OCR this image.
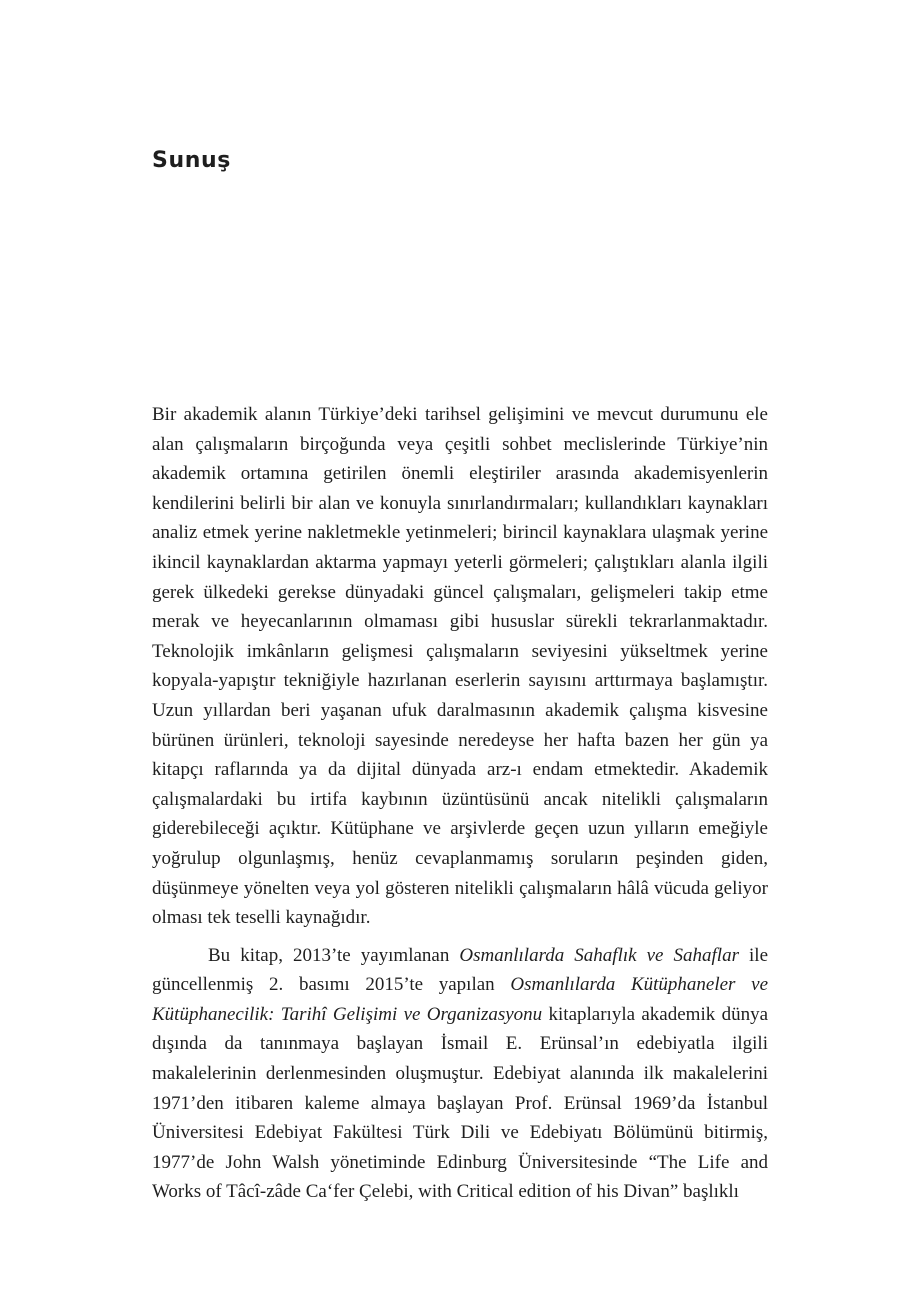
Sunuş

Bir akademik alanın Türkiye’deki tarihsel gelişimini ve mevcut durumunu ele alan çalışmaların birçoğunda veya çeşitli sohbet meclislerinde Türkiye’nin akademik ortamına getirilen önemli eleştiriler arasında akademisyenlerin kendilerini belirli bir alan ve konuyla sınırlandırmaları; kullandıkları kaynakları analiz etmek yerine nakletmekle yetinmeleri; birincil kaynaklara ulaşmak yerine ikincil kaynaklardan aktarma yapmayı yeterli görmeleri; çalıştıkları alanla ilgili gerek ülkedeki gerekse dünyadaki güncel çalışmaları, gelişmeleri takip etme merak ve heyecanlarının olmaması gibi hususlar sürekli tekrarlanmaktadır. Teknolojik imkânların gelişmesi çalışmaların seviyesini yükseltmek yerine kopyala-yapıştır tekniğiyle hazırlanan eserlerin sayısını arttırmaya başlamıştır. Uzun yıllardan beri yaşanan ufuk daralmasının akademik çalışma kisvesine bürünen ürünleri, teknoloji sayesinde neredeyse her hafta bazen her gün ya kitapçı raflarında ya da dijital dünyada arz-ı endam etmektedir. Akademik çalışmalardaki bu irtifa kaybının üzüntüsünü ancak nitelikli çalışmaların giderebileceği açıktır. Kütüphane ve arşivlerde geçen uzun yılların emeğiyle yoğrulup olgunlaşmış, henüz cevaplanmamış soruların peşinden giden, düşünmeye yönelten veya yol gösteren nitelikli çalışmaların hâlâ vücuda geliyor olması tek teselli kaynağıdır.

Bu kitap, 2013’te yayımlanan Osmanlılarda Sahaflık ve Sahaflar ile güncellenmiş 2. basımı 2015’te yapılan Osmanlılarda Kütüphaneler ve Kütüphanecilik: Tarihî Gelişimi ve Organizasyonu kitaplarıyla akademik dünya dışında da tanınmaya başlayan İsmail E. Erünsal’ın edebiyatla ilgili makalelerinin derlenmesinden oluşmuştur. Edebiyat alanında ilk makalelerini 1971’den itibaren kaleme almaya başlayan Prof. Erünsal 1969’da İstanbul Üniversitesi Edebiyat Fakültesi Türk Dili ve Edebiyatı Bölümünü bitirmiş, 1977’de John Walsh yönetiminde Edinburg Üniversitesinde “The Life and Works of Tâcî-zâde Ca‘fer Çelebi, with Critical edition of his Divan” başlıklı
